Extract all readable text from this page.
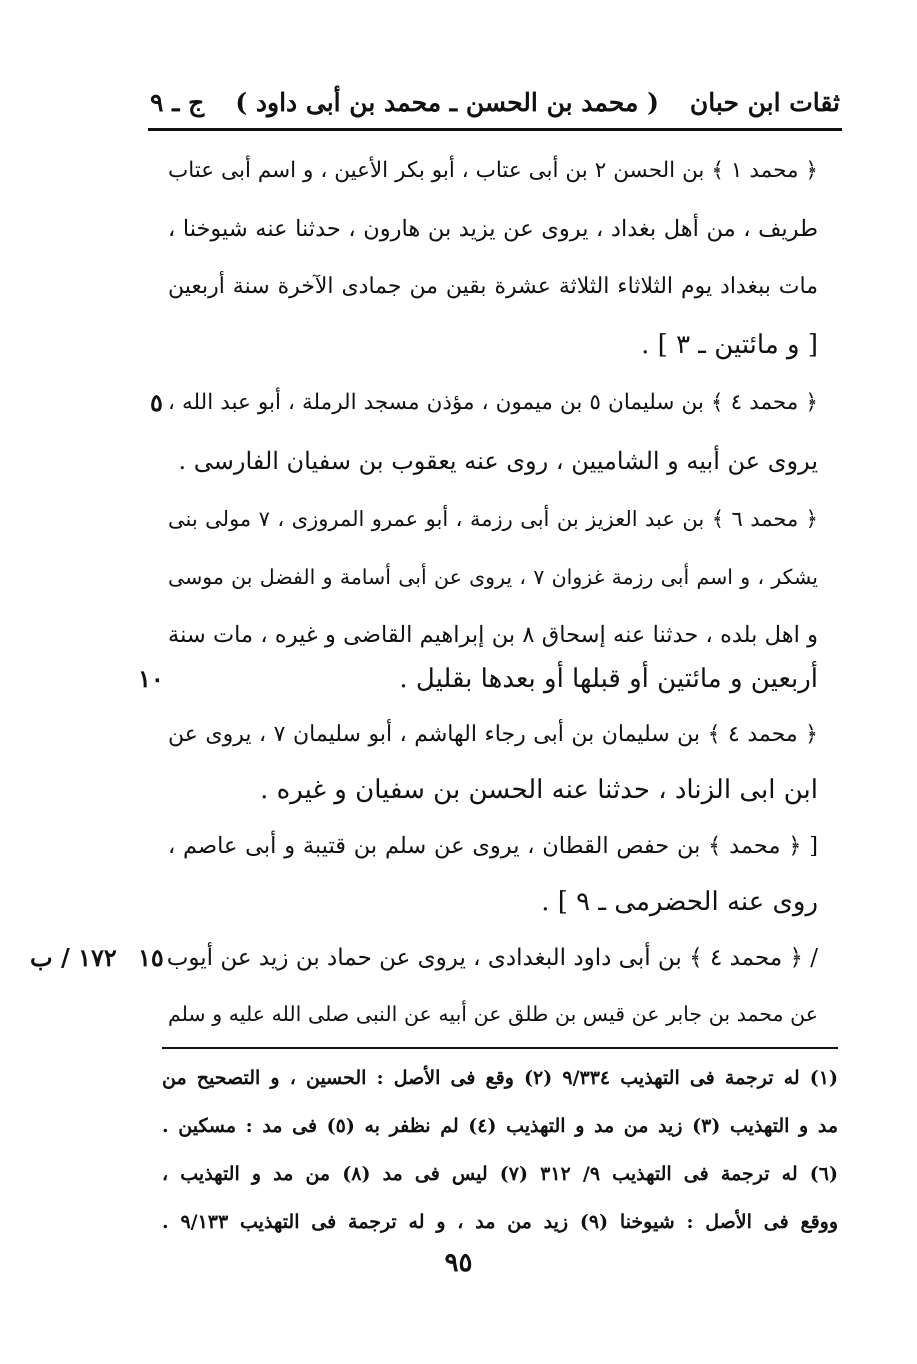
ثقات ابن حبان
( محمد بن الحسن ـ محمد بن أبى داود )
ج ـ ٩
﴿ محمد ١ ﴾ بن الحسن ٢ بن أبى عتاب ، أبو بكر الأعين ، و اسم أبى عتاب
طريف ، من أهل بغداد ، يروى عن يزيد بن هارون ، حدثنا عنه شيوخنا ،
مات ببغداد يوم الثلاثاء الثلاثة عشرة بقين من جمادى الآخرة سنة أربعين
[ و مائتين ـ ٣ ] .
﴿ محمد ٤ ﴾ بن سليمان ٥ بن ميمون ، مؤذن مسجد الرملة ، أبو عبد الله ،
يروى عن أبيه و الشاميين ، روى عنه يعقوب بن سفيان الفارسى .
﴿ محمد ٦ ﴾ بن عبد العزيز بن أبى رزمة ، أبو عمرو المروزى ، ٧ مولى بنى
يشكر ، و اسم أبى رزمة غزوان ٧ ، يروى عن أبى أسامة و الفضل بن موسى
و اهل بلده ، حدثنا عنه إسحاق ٨ بن إبراهيم القاضى و غيره ، مات سنة
أربعين و مائتين أو قبلها أو بعدها بقليل .
﴿ محمد ٤ ﴾ بن سليمان بن أبى رجاء الهاشم ، أبو سليمان ٧ ، يروى عن
ابن ابى الزناد ، حدثنا عنه الحسن بن سفيان و غيره .
[ ﴿ محمد ﴾ بن حفص القطان ، يروى عن سلم بن قتيبة و أبى عاصم ،
روى عنه الحضرمى ـ ٩ ] .
/ ﴿ محمد ٤ ﴾ بن أبى داود البغدادى ، يروى عن حماد بن زيد عن أيوب
عن محمد بن جابر عن قيس بن طلق عن أبيه عن النبى صلى الله عليه و سلم
٥
١٠
١٥
١٧٢ / ب
(١) له ترجمة فى التهذيب ٩/٣٣٤ (٢) وقع فى الأصل : الحسين ، و التصحيح من
مد و التهذيب (٣) زيد من مد و التهذيب (٤) لم نظفر به (٥) فى مد : مسكين .
(٦) له ترجمة فى التهذيب ٩/ ٣١٢ (٧) ليس فى مد (٨) من مد و التهذيب ،
ووقع فى الأصل : شيوخنا (٩) زيد من مد ، و له ترجمة فى التهذيب ٩/١٣٣ .
٩٥
